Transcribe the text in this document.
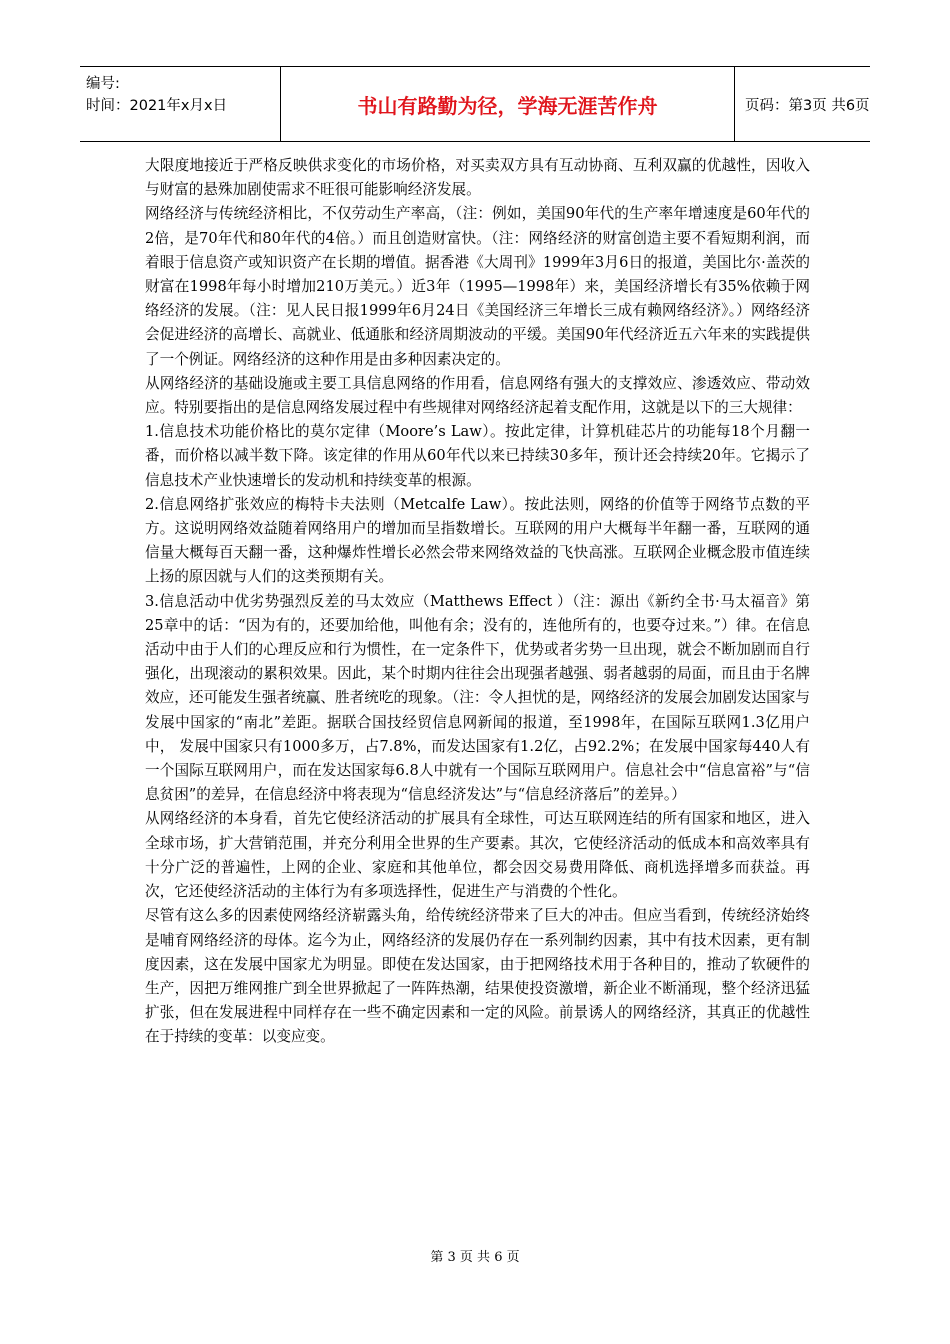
编号:
时间：2021年x月x日	书山有路勤为径，学海无涯苦作舟	页码：第3页 共6页

大限度地接近于严格反映供求变化的市场价格，对买卖双方具有互动协商、互利双赢的优越性，因收入与财富的悬殊加剧使需求不旺很可能影响经济发展。

网络经济与传统经济相比，不仅劳动生产率高，（注：例如，美国90年代的生产率年增速度是60年代的2倍，是70年代和80年代的4倍。）而且创造财富快。（注：网络经济的财富创造主要不看短期利润，而着眼于信息资产或知识资产在长期的增值。据香港《大周刊》1999年3月6日的报道，美国比尔·盖茨的财富在1998年每小时增加210万美元。）近3年（1995—1998年）来，美国经济增长有35%依赖于网络经济的发展。（注：见人民日报1999年6月24日《美国经济三年增长三成有赖网络经济》。）网络经济会促进经济的高增长、高就业、低通胀和经济周期波动的平缓。美国90年代经济近五六年来的实践提供了一个例证。网络经济的这种作用是由多种因素决定的。

从网络经济的基础设施或主要工具信息网络的作用看，信息网络有强大的支撑效应、渗透效应、带动效应。特别要指出的是信息网络发展过程中有些规律对网络经济起着支配作用，这就是以下的三大规律：

1.信息技术功能价格比的莫尔定律（Moore’s Law）。按此定律，计算机硅芯片的功能每18个月翻一番，而价格以减半数下降。该定律的作用从60年代以来已持续30多年，预计还会持续20年。它揭示了信息技术产业快速增长的发动机和持续变革的根源。

2.信息网络扩张效应的梅特卡夫法则（Metcalfe Law）。按此法则，网络的价值等于网络节点数的平方。这说明网络效益随着网络用户的增加而呈指数增长。互联网的用户大概每半年翻一番，互联网的通 信量大概每百天翻一番，这种爆炸性增长必然会带来网络效益的飞快高涨。互联网企业概念股市值连续上扬的原因就与人们的这类预期有关。

3.信息活动中优劣势强烈反差的马太效应（Matthews Effect ）（注：源出《新约全书·马太福音》第25章中的话：“因为有的，还要加给他，叫他有余；没有的，连他所有的，也要夺过来。”）律。在信息活动中由于人们的心理反应和行为惯性，在一定条件下，优势或者劣势一旦出现，就会不断加剧而自行强化，出现滚动的累积效果。因此，某个时期内往往会出现强者越强、弱者越弱的局面，而且由于名牌效应，还可能发生强者统赢、胜者统吃的现象。（注：令人担忧的是，网络经济的发展会加剧发达国家与发展中国家的“南北”差距。据联合国技经贸信息网新闻的报道，至1998年，在国际互联网1.3亿用户中， 发展中国家只有1000多万，占7.8%，而发达国家有1.2亿，占92.2%；在发展中国家每440人有一个国际互联网用户，而在发达国家每6.8人中就有一个国际互联网用户。信息社会中“信息富裕”与“信息贫困”的差异，在信息经济中将表现为“信息经济发达”与“信息经济落后”的差异。）

从网络经济的本身看，首先它使经济活动的扩展具有全球性，可达互联网连结的所有国家和地区，进入全球市场，扩大营销范围，并充分利用全世界的生产要素。其次，它使经济活动的低成本和高效率具有十分广泛的普遍性，上网的企业、家庭和其他单位，都会因交易费用降低、商机选择增多而获益。再次，它还使经济活动的主体行为有多项选择性，促进生产与消费的个性化。

尽管有这么多的因素使网络经济崭露头角，给传统经济带来了巨大的冲击。但应当看到，传统经济始终是哺育网络经济的母体。迄今为止，网络经济的发展仍存在一系列制约因素，其中有技术因素，更有制度因素，这在发展中国家尤为明显。即使在发达国家，由于把网络技术用于各种目的，推动了软硬件的生产，因把万维网推广到全世界掀起了一阵阵热潮，结果使投资激增，新企业不断涌现，整个经济迅猛扩张，但在发展进程中同样存在一些不确定因素和一定的风险。前景诱人的网络经济，其真正的优越性在于持续的变革：以变应变。

第 3 页 共 6 页
